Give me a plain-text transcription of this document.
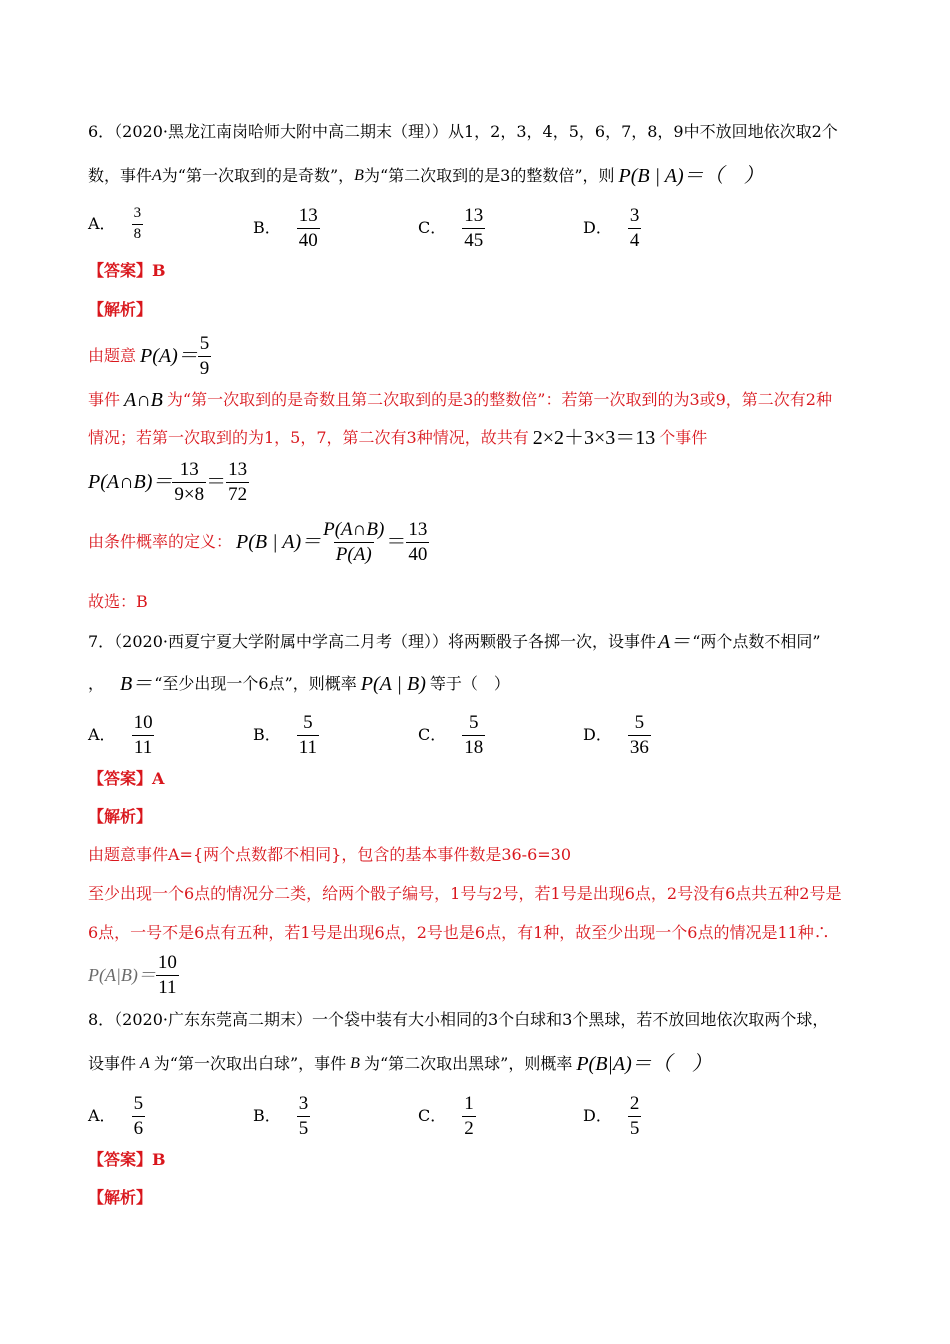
6．（2020·黑龙江南岗哈师大附中高二期末（理））从1，2，3，4，5，6，7，8，9中不放回地依次取2个
数，事件 A 为“第一次取到的是奇数”， B 为“第二次取到的是3的整数倍”，则 P(B | A)＝（　）
A． $\frac{3}{8}$	B． $\frac{13}{40}$	C． $\frac{13}{45}$	D． $\frac{3}{4}$
【答案】B
【解析】
由题意 $P(A)= \frac{5}{9}$
事件 A∩B 为“第一次取到的是奇数且第二次取到的是3的整数倍”：若第一次取到的为3或9，第二次有2种
情况；若第一次取到的为1，5，7，第二次有3种情况，故共有 2×2＋3×3＝13 个事件
P(A∩B)＝ $\frac{13}{9\times 8} = \frac{13}{72}$
由条件概率的定义： P(B | $A)= \frac{P(A\cap B)}{P(A)} = \frac{13}{40}$
故选：B
7．（2020·西夏宁夏大学附属中学高二月考（理））将两颗骰子各掷一次，设事件 A＝ “两个点数不相同”
， B＝ “至少出现一个6点”，则概率 P(A | B) 等于（　）
A． $\frac{10}{11}$	B． $\frac{5}{11}$	C． $\frac{5}{18}$	D． $\frac{5}{36}$
【答案】A
【解析】
由题意事件A={两个点数都不相同}，包含的基本事件数是36-6=30
至少出现一个6点的情况分二类，给两个骰子编号，1号与2号，若1号是出现6点，2号没有6点共五种2号是
6点，一号不是6点有五种，若1号是出现6点，2号也是6点，有1种，故至少出现一个6点的情况是11种∴
$P(A|B)= \frac{10}{11}$
8．（2020·广东东莞高二期末）一个袋中装有大小相同的3个白球和3个黑球，若不放回地依次取两个球，
设事件 A 为“第一次取出白球”，事件 B 为“第二次取出黑球”，则概率 P(B|A)＝（　）
A． $\frac{5}{6}$	B． $\frac{3}{5}$	C． $\frac{1}{2}$	D． $\frac{2}{5}$
【答案】B
【解析】
